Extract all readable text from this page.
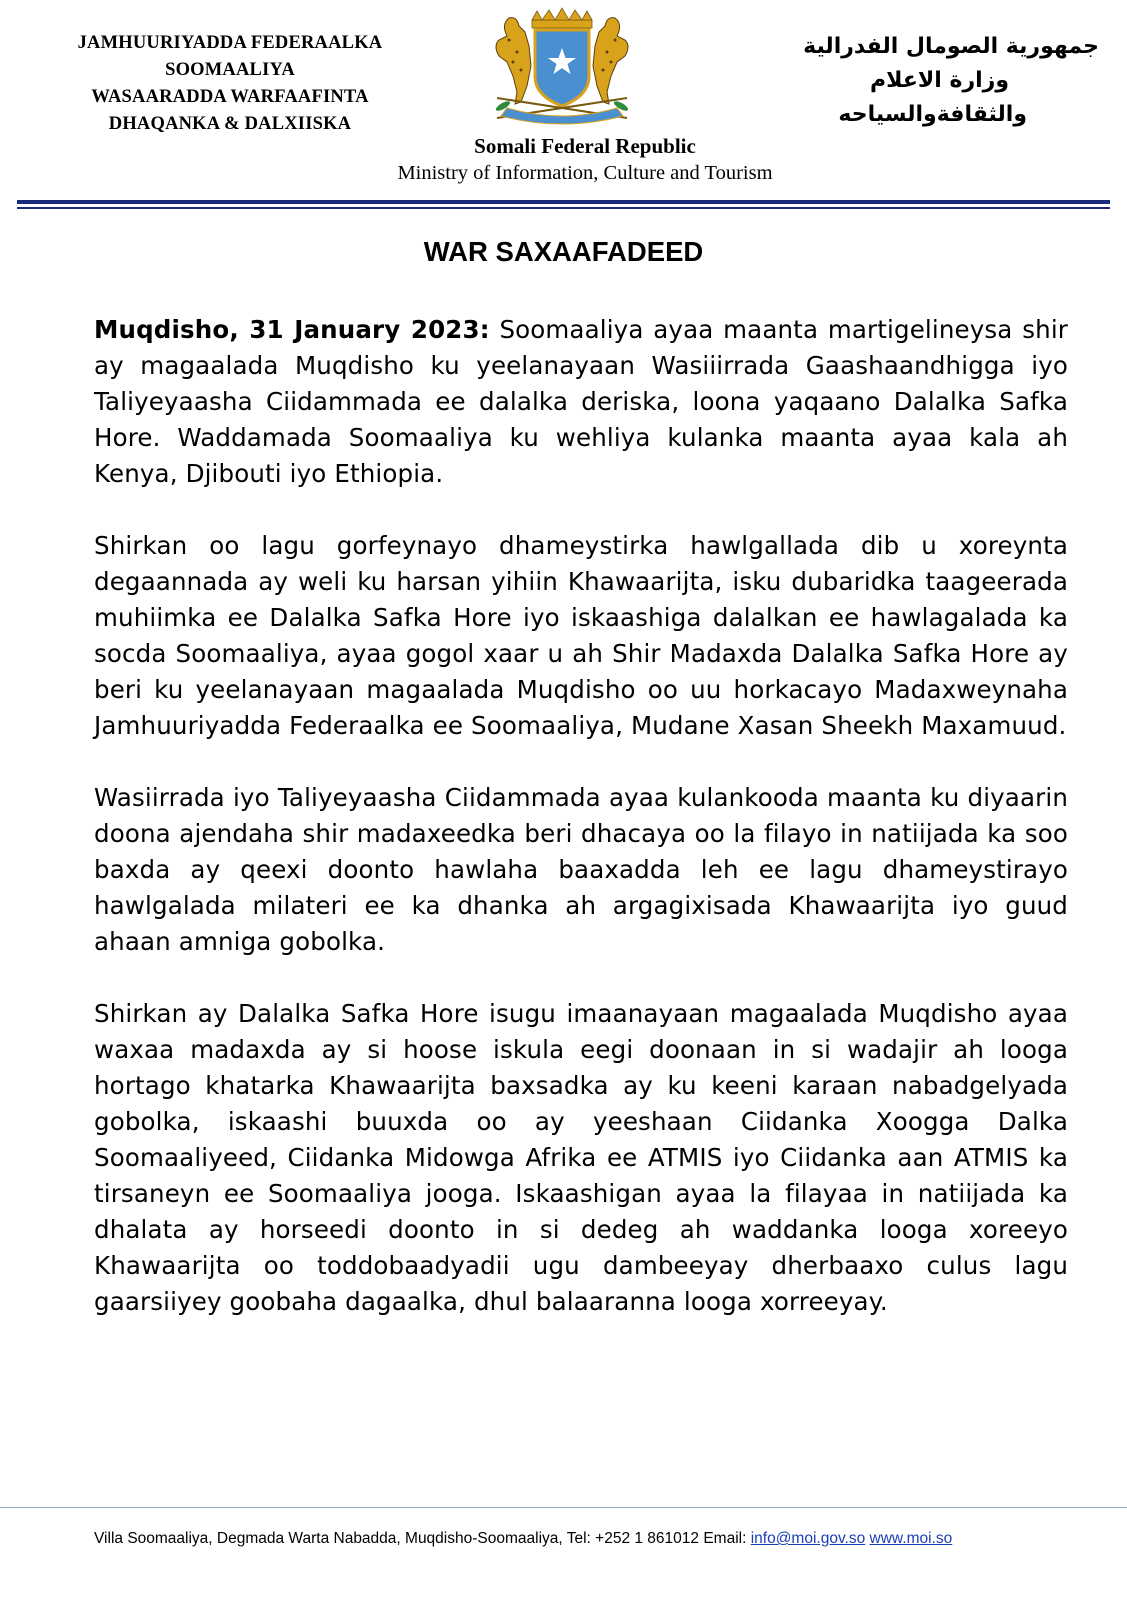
JAMHUURIYADDA FEDERAALKA
SOOMAALIYA
WASAARADDA WARFAAFINTA
DHAQANKA & DALXIISKA
Somali Federal Republic
Ministry of Information, Culture and Tourism
جمهورية الصومال الفدرالية
وزارة الاعلام
والثقافةوالسياحه
WAR SAXAAFADEED

Muqdisho, 31 January 2023: Soomaaliya ayaa maanta martigelineysa shir ay magaalada Muqdisho ku yeelanayaan Wasiiirrada Gaashaandhigga iyo Taliyeyaasha Ciidammada ee dalalka deriska, loona yaqaano Dalalka Safka Hore. Waddamada Soomaaliya ku wehliya kulanka maanta ayaa kala ah Kenya, Djibouti iyo Ethiopia.

Shirkan oo lagu gorfeynayo dhameystirka hawlgallada dib u xoreynta degaannada ay weli ku harsan yihiin Khawaarijta, isku dubaridka taageerada muhiimka ee Dalalka Safka Hore iyo iskaashiga dalalkan ee hawlagalada ka socda Soomaaliya, ayaa gogol xaar u ah Shir Madaxda Dalalka Safka Hore ay beri ku yeelanayaan magaalada Muqdisho oo uu horkacayo Madaxweynaha Jamhuuriyadda Federaalka ee Soomaaliya, Mudane Xasan Sheekh Maxamuud.

Wasiirrada iyo Taliyeyaasha Ciidammada ayaa kulankooda maanta ku diyaarin doona ajendaha shir madaxeedka beri dhacaya oo la filayo in natiijada ka soo baxda ay qeexi doonto hawlaha baaxadda leh ee lagu dhameystirayo hawlgalada milateri ee ka dhanka ah argagixisada Khawaarijta iyo guud ahaan amniga gobolka.

Shirkan ay Dalalka Safka Hore isugu imaanayaan magaalada Muqdisho ayaa waxaa madaxda ay si hoose iskula eegi doonaan in si wadajir ah looga hortago khatarka Khawaarijta baxsadka ay ku keeni karaan nabadgelyada gobolka, iskaashi buuxda oo ay yeeshaan Ciidanka Xoogga Dalka Soomaaliyeed, Ciidanka Midowga Afrika ee ATMIS iyo Ciidanka aan ATMIS ka tirsaneyn ee Soomaaliya jooga. Iskaashigan ayaa la filayaa in natiijada ka dhalata ay horseedi doonto in si dedeg ah waddanka looga xoreeyo Khawaarijta oo toddobaadyadii ugu dambeeyay dherbaaxo culus lagu gaarsiiyey goobaha dagaalka, dhul balaaranna looga xorreeyay.

Villa Soomaaliya, Degmada Warta Nabadda, Muqdisho-Soomaaliya, Tel: +252 1 861012 Email: info@moi.gov.so www.moi.so
